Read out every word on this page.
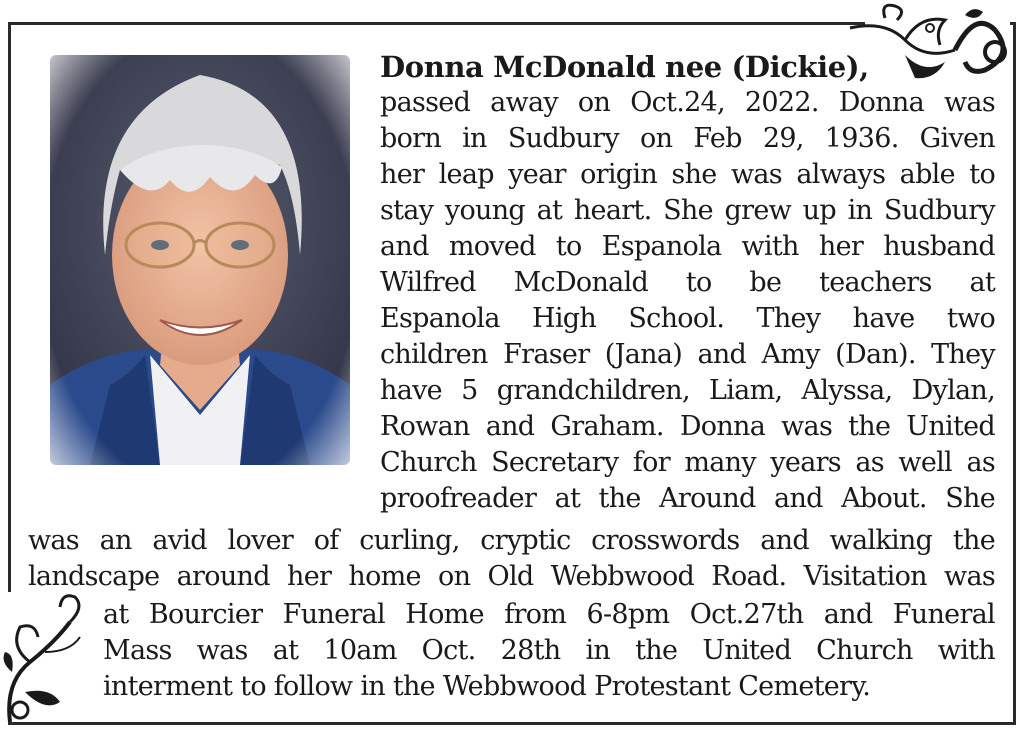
Donna McDonald nee (Dickie),

passed away on Oct.24, 2022. Donna was
born in Sudbury on Feb 29, 1936. Given
her leap year origin she was always able to
stay young at heart. She grew up in Sudbury
and moved to Espanola with her husband
Wilfred McDonald to be teachers at
Espanola High School. They have two
children Fraser (Jana) and Amy (Dan). They
have 5 grandchildren, Liam, Alyssa, Dylan,
Rowan and Graham. Donna was the United
Church Secretary for many years as well as
proofreader at the Around and About. She
was an avid lover of curling, cryptic crosswords and walking the
landscape around her home on Old Webbwood Road. Visitation was
at Bourcier Funeral Home from 6-8pm Oct.27th and Funeral
Mass was at 10am Oct. 28th in the United Church with
interment to follow in the Webbwood Protestant Cemetery.
